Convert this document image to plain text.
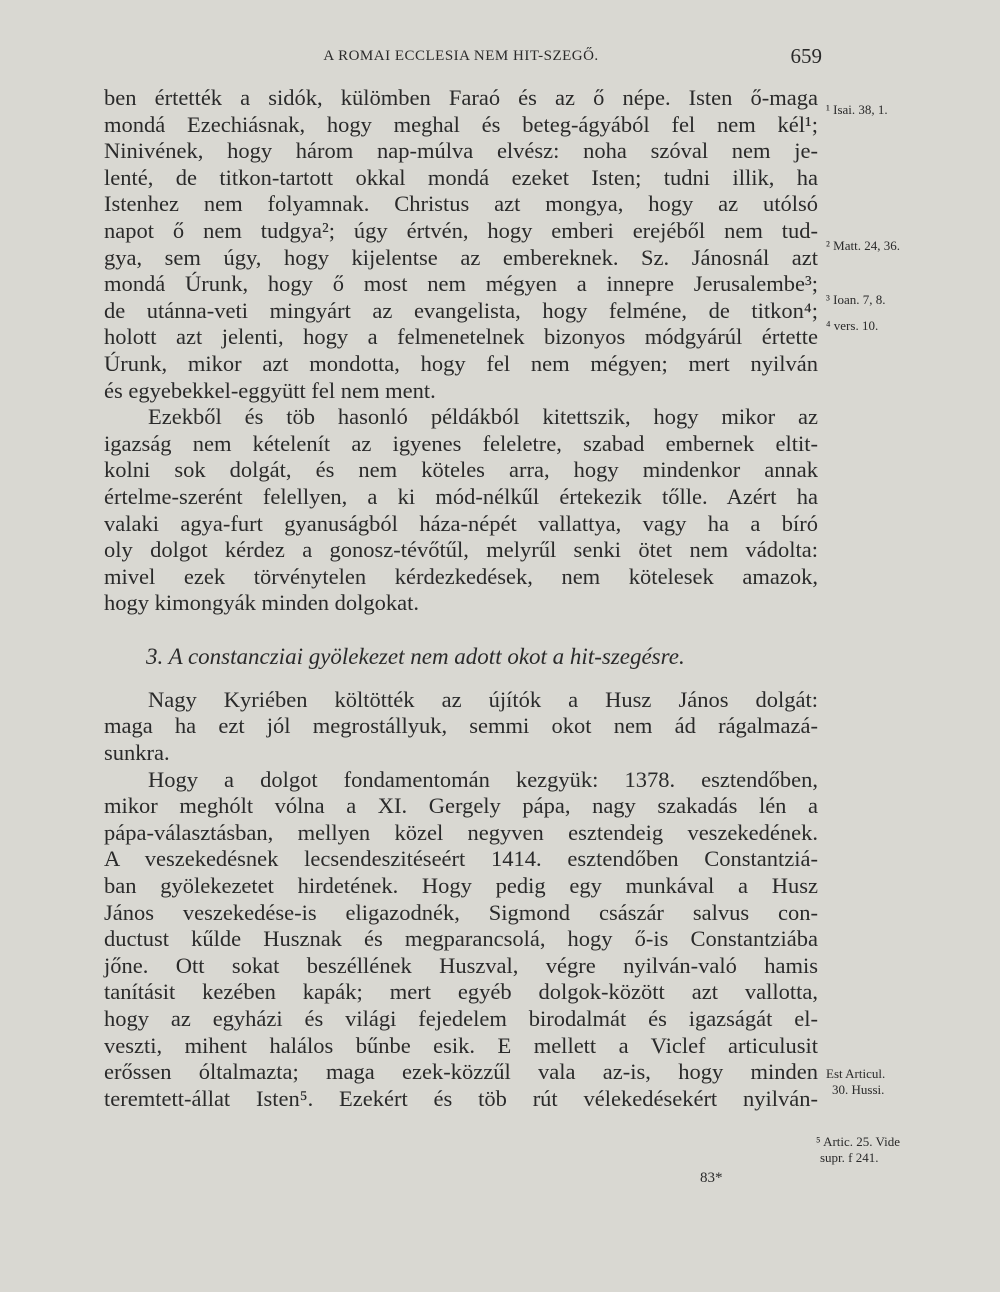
A ROMAI ECCLESIA NEM HIT-SZEGŐ.	659
ben értették a sidók, külömben Faraó és az ő népe. Isten ő-maga
mondá Ezechiásnak, hogy meghal és beteg-ágyából fel nem kél¹;
Ninivének, hogy három nap-múlva elvész: noha szóval nem je-
lenté, de titkon-tartott okkal mondá ezeket Isten; tudni illik, ha
Istenhez nem folyamnak. Christus azt mongya, hogy az utólsó
napot ő nem tudgya²; úgy értvén, hogy emberi erejéből nem tud-
gya, sem úgy, hogy kijelentse az embereknek. Sz. Jánosnál azt
mondá Úrunk, hogy ő most nem mégyen a innepre Jerusalembe³;
de utánna-veti mingyárt az evangelista, hogy felméne, de titkon⁴;
holott azt jelenti, hogy a felmenetelnek bizonyos módgyárúl értette
Úrunk, mikor azt mondotta, hogy fel nem mégyen; mert nyilván
és egyebekkel-eggyütt fel nem ment.
Ezekből és töb hasonló példákból kitettszik, hogy mikor az
igazság nem kételenít az igyenes feleletre, szabad embernek eltit-
kolni sok dolgát, és nem köteles arra, hogy mindenkor annak
értelme-szerént felellyen, a ki mód-nélkűl értekezik tőlle. Azért ha
valaki agya-furt gyanuságból háza-népét vallattya, vagy ha a bíró
oly dolgot kérdez a gonosz-tévőtűl, melyrűl senki ötet nem vádolta:
mivel ezek törvénytelen kérdezkedések, nem kötelesek amazok,
hogy kimongyák minden dolgokat.
3. A constancziai gyölekezet nem adott okot a hit-szegésre.
Nagy Kyriében költötték az újítók a Husz János dolgát:
maga ha ezt jól megrostállyuk, semmi okot nem ád rágalmazá-
sunkra.
Hogy a dolgot fondamentomán kezgyük: 1378. esztendőben,
mikor meghólt vólna a XI. Gergely pápa, nagy szakadás lén a
pápa-választásban, mellyen közel negyven esztendeig veszekedének.
A veszekedésnek lecsendeszitéseért 1414. esztendőben Constantziá-
ban gyölekezetet hirdetének. Hogy pedig egy munkával a Husz
János veszekedése-is eligazodnék, Sigmond császár salvus con-
ductust kűlde Husznak és megparancsolá, hogy ő-is Constantziába
jőne. Ott sokat beszéllének Huszval, végre nyilván-való hamis
tanításit kezében kapák; mert egyéb dolgok-között azt vallotta,
hogy az egyházi és világi fejedelem birodalmát és igazságát el-
veszti, mihent halálos bűnbe esik. E mellett a Viclef articulusit
erőssen óltalmazta; maga ezek-közzűl vala az-is, hogy minden
teremtett-állat Isten⁵. Ezekért és töb rút vélekedésekért nyilván-
¹ Isai. 38, 1.
² Matt. 24, 36.
³ Ioan. 7, 8.
⁴ vers. 10.
Est Articul.
30. Hussi.
⁵ Artic. 25. Vide
supr. f 241.
83*
